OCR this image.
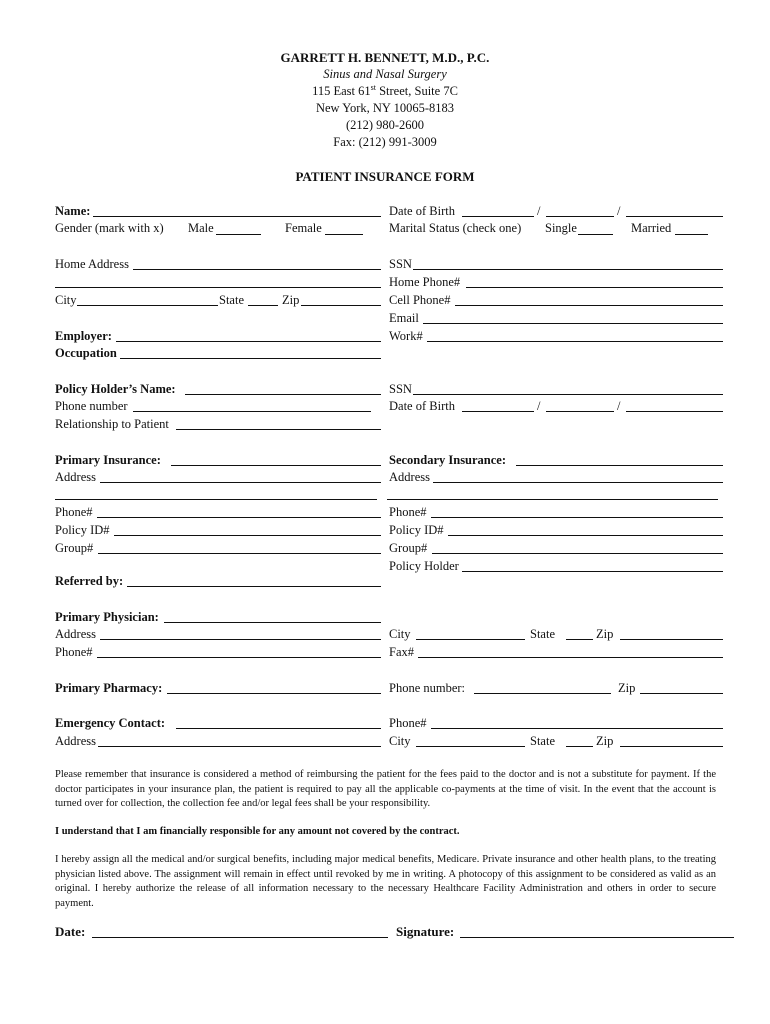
GARRETT H. BENNETT, M.D., P.C.
Sinus and Nasal Surgery
115 East 61st Street, Suite 7C
New York, NY 10065-8183
(212) 980-2600
Fax: (212) 991-3009
PATIENT INSURANCE FORM
Name:	Date of Birth	/	/
Gender (mark with x) Male	Female	Marital Status (check one) Single	Married
Home Address	SSN
Home Phone#
City	State	Zip	Cell Phone#
Email
Employer:	Work#
Occupation
Policy Holder’s Name:	SSN
Phone number	Date of Birth	/	/
Relationship to Patient
Primary Insurance:	Secondary Insurance:
Address	Address
Phone#	Phone#
Policy ID#	Policy ID#
Group#	Group#
Policy Holder
Referred by:
Primary Physician:
Address	City	State	Zip
Phone#	Fax#
Primary Pharmacy:	Phone number:	Zip
Emergency Contact:	Phone#
Address	City	State	Zip
Please remember that insurance is considered a method of reimbursing the patient for the fees paid to the doctor and is not a substitute for payment. If the doctor participates in your insurance plan, the patient is required to pay all the applicable co-payments at the time of visit. In the event that the account is turned over for collection, the collection fee and/or legal fees shall be your responsibility.
I understand that I am financially responsible for any amount not covered by the contract.
I hereby assign all the medical and/or surgical benefits, including major medical benefits, Medicare. Private insurance and other health plans, to the treating physician listed above. The assignment will remain in effect until revoked by me in writing. A photocopy of this assignment to be considered as valid as an original. I hereby authorize the release of all information necessary to the necessary Healthcare Facility Administration and others in order to secure payment.
Date:	Signature:
